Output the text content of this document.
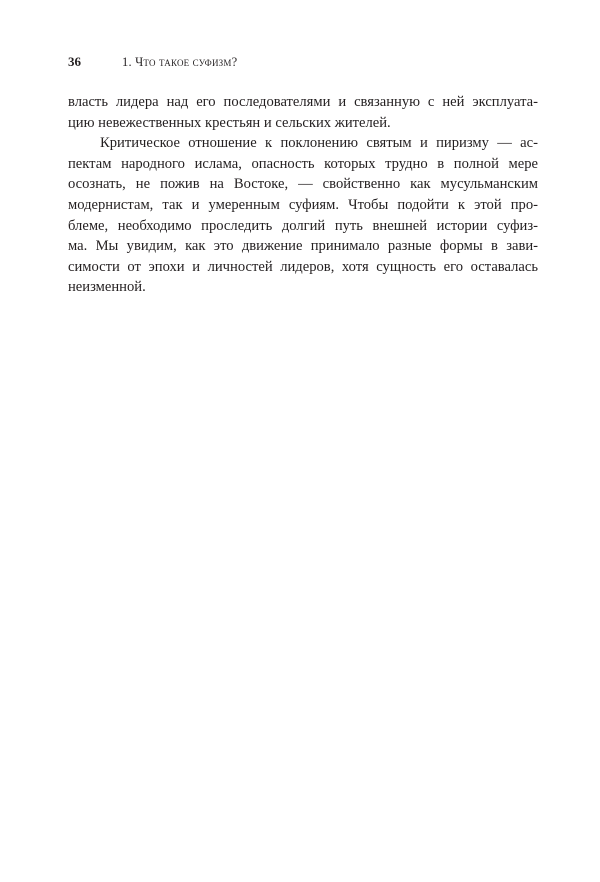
36	1. Что такое суфизм?
власть лидера над его последователями и связанную с ней эксплуата-
цию невежественных крестьян и сельских жителей.
Критическое отношение к поклонению святым и пиризму — ас-
пектам народного ислама, опасность которых трудно в полной мере
осознать, не пожив на Востоке, — свойственно как мусульманским
модернистам, так и умеренным суфиям. Чтобы подойти к этой про-
блеме, необходимо проследить долгий путь внешней истории суфиз-
ма. Мы увидим, как это движение принимало разные формы в зави-
симости от эпохи и личностей лидеров, хотя сущность его оставалась
неизменной.
